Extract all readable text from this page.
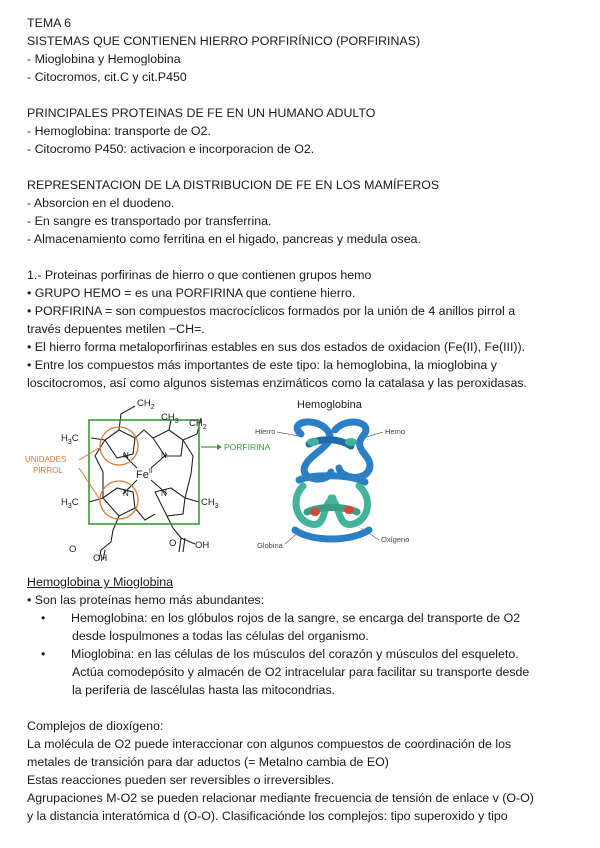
TEMA 6
SISTEMAS QUE CONTIENEN HIERRO PORFIRÍNICO (PORFIRINAS)
- Mioglobina y Hemoglobina
- Citocromos, cit.C y cit.P450
PRINCIPALES PROTEINAS DE FE EN UN HUMANO ADULTO
- Hemoglobina: transporte de O2.
- Citocromo P450: activacion e incorporacion de O2.
REPRESENTACION DE LA DISTRIBUCION DE FE EN LOS MAMÍFEROS
- Absorcion en el duodeno.
- En sangre es transportado por transferrina.
- Almacenamiento como ferritina en el higado, pancreas y medula osea.
1.- Proteinas porfirinas de hierro o que contienen grupos hemo
• GRUPO HEMO = es una PORFIRINA que contiene hierro.
• PORFIRINA = son compuestos macrocíclicos formados por la unión de 4 anillos pirrol a
través depuentes metilen −CH=.
• El hierro forma metaloporfirinas estables en sus dos estados de oxidacion (Fe(II), Fe(III)).
• Entre los compuestos más importantes de este tipo: la hemoglobina, la mioglobina y
loscitocromos, así como algunos sistemas enzimáticos como la catalasa y las peroxidasas.
$CH_2$
$CH_3$ $CH_2$
$H_3C$
N	N
N	N
$Fe^{II}$
PORFIRINA
UNIDADES
PIRROL
$H_3C$	$CH_3$
O
OH
O OH
Hemoglobina
Hierro	Hemo
Globina
Oxígeno
Hemoglobina y Mioglobina
• Son las proteínas hemo más abundantes:
• Hemoglobina: en los glóbulos rojos de la sangre, se encarga del transporte de O2
desde lospulmones a todas las células del organismo.
• Mioglobina: en las células de los músculos del corazón y músculos del esqueleto.
Actúa comodepósito y almacén de O2 intracelular para facilitar su transporte desde
la periferia de lascélulas hasta las mitocondrias.
Complejos de dioxígeno:
La molécula de O2 puede interaccionar con algunos compuestos de coordinación de los
metales de transición para dar aductos (= Metalno cambia de EO)
Estas reacciones pueden ser reversibles o irreversibles.
Agrupaciones M-O2 se pueden relacionar mediante frecuencia de tensión de enlace v (O-O)
y la distancia interatómica d (O-O). Clasificaciónde los complejos: tipo superoxido y tipo
